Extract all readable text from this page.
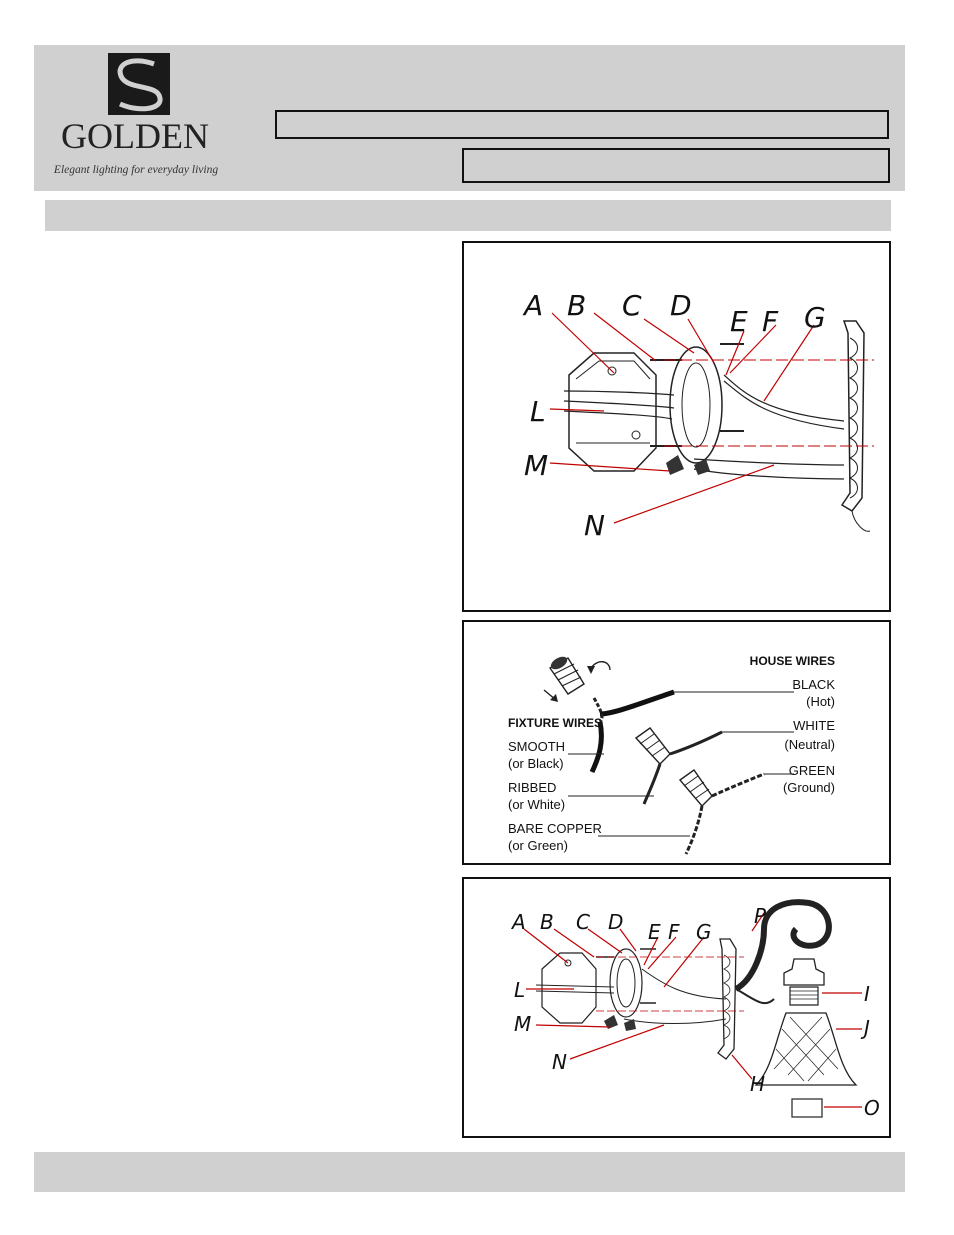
GOLDEN
Elegant lighting for everyday living
A B C D E F G
L
M
N
HOUSE WIRES
BLACK
(Hot)
WHITE
(Neutral)
GREEN
(Ground)
FIXTURE WIRES
SMOOTH
(or Black)
RIBBED
(or White)
BARE COPPER
(or Green)
A B C D E F G
L
M
N
P
I
J
H
O
